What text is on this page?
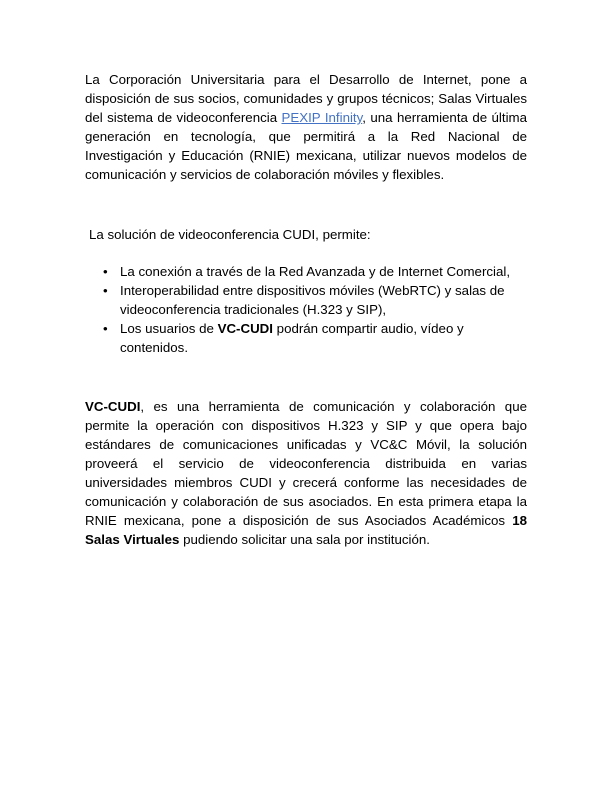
La Corporación Universitaria para el Desarrollo de Internet, pone a disposición de sus socios, comunidades y grupos técnicos; Salas Virtuales del sistema de videoconferencia PEXIP Infinity, una herramienta de última generación en tecnología, que permitirá a la Red Nacional de Investigación y Educación (RNIE) mexicana, utilizar nuevos modelos de comunicación y servicios de colaboración móviles y flexibles.

La solución de videoconferencia CUDI, permite:

• La conexión a través de la Red Avanzada y de Internet Comercial,
• Interoperabilidad entre dispositivos móviles (WebRTC) y salas de videoconferencia tradicionales (H.323 y SIP),
• Los usuarios de VC-CUDI podrán compartir audio, vídeo y contenidos.

VC-CUDI, es una herramienta de comunicación y colaboración que permite la operación con dispositivos H.323 y SIP y que opera bajo estándares de comunicaciones unificadas y VC&C Móvil, la solución proveerá el servicio de videoconferencia distribuida en varias universidades miembros CUDI y crecerá conforme las necesidades de comunicación y colaboración de sus asociados. En esta primera etapa la RNIE mexicana, pone a disposición de sus Asociados Académicos 18 Salas Virtuales pudiendo solicitar una sala por institución.
